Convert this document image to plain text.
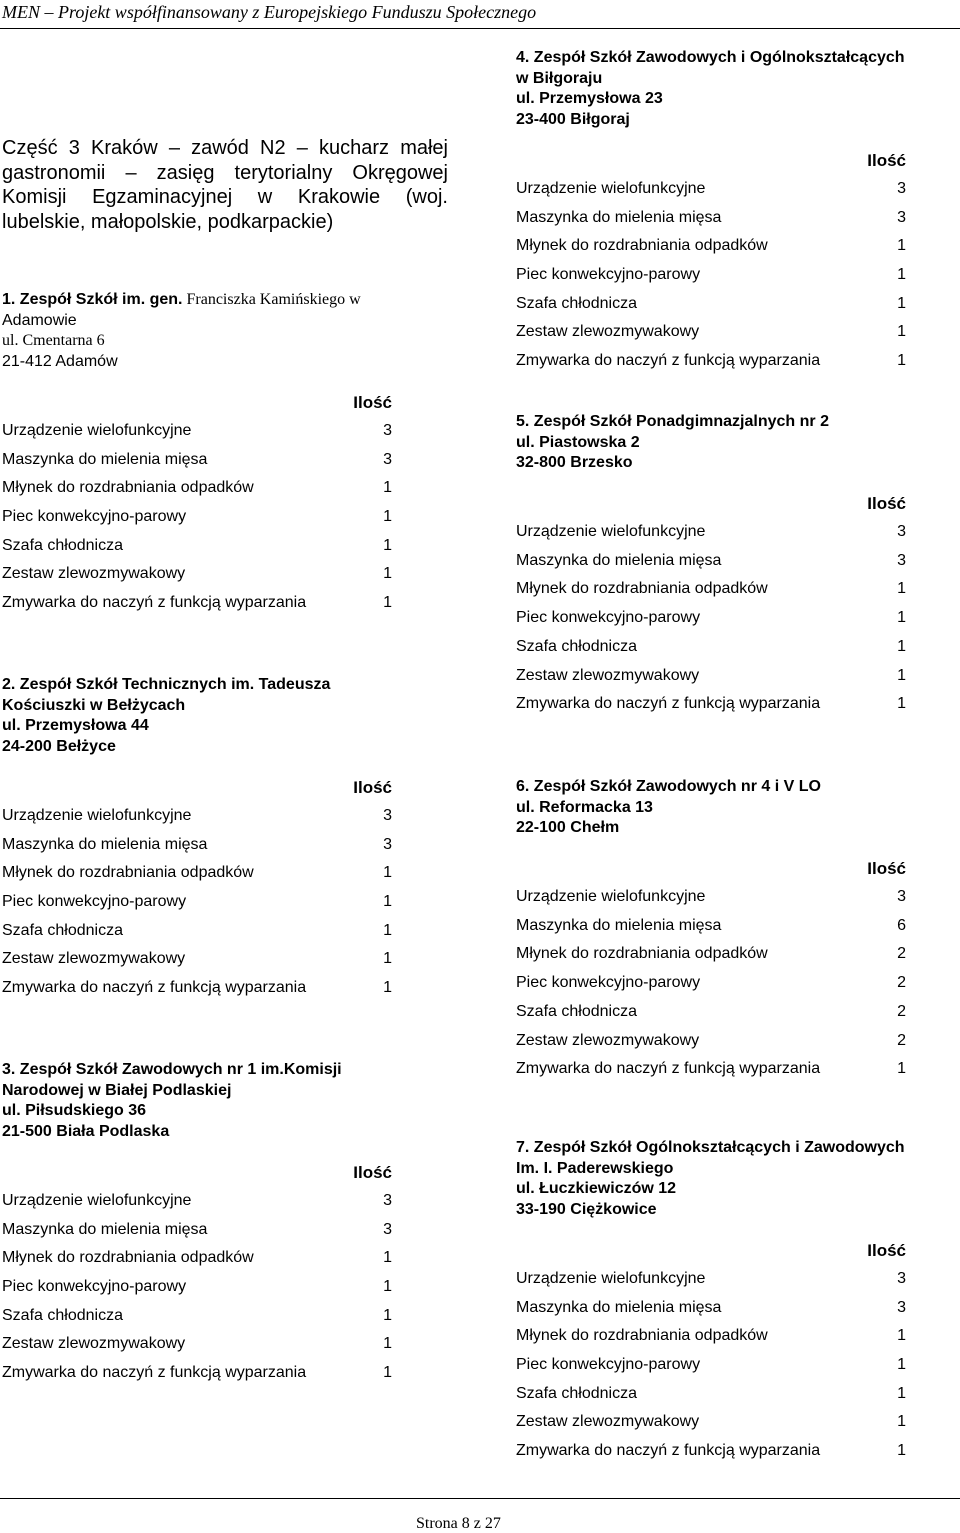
MEN – Projekt współfinansowany z Europejskiego Funduszu Społecznego
Część 3 Kraków – zawód N2 – kucharz małej
gastronomii – zasięg terytorialny Okręgowej
Komisji Egzaminacyjnej w Krakowie (woj.
lubelskie, małopolskie, podkarpackie)
1. Zespół Szkół im. gen. Franciszka Kamińskiego w
Adamowie
ul. Cmentarna 6
21-412 Adamów
Ilość
Urządzenie wielofunkcyjne	3
Maszynka do mielenia mięsa	3
Młynek do rozdrabniania odpadków	1
Piec konwekcyjno-parowy	1
Szafa chłodnicza	1
Zestaw zlewozmywakowy	1
Zmywarka do naczyń z funkcją wyparzania	1
2. Zespół Szkół Technicznych im. Tadeusza
Kościuszki w Bełżycach
ul. Przemysłowa 44
24-200 Bełżyce
Ilość
Urządzenie wielofunkcyjne	3
Maszynka do mielenia mięsa	3
Młynek do rozdrabniania odpadków	1
Piec konwekcyjno-parowy	1
Szafa chłodnicza	1
Zestaw zlewozmywakowy	1
Zmywarka do naczyń z funkcją wyparzania	1
3. Zespół Szkół Zawodowych nr 1 im.Komisji
Narodowej w Białej Podlaskiej
ul. Piłsudskiego 36
21-500 Biała Podlaska
Ilość
Urządzenie wielofunkcyjne	3
Maszynka do mielenia mięsa	3
Młynek do rozdrabniania odpadków	1
Piec konwekcyjno-parowy	1
Szafa chłodnicza	1
Zestaw zlewozmywakowy	1
Zmywarka do naczyń z funkcją wyparzania	1
4. Zespół Szkół Zawodowych i Ogólnokształcących
w Biłgoraju
ul. Przemysłowa 23
23-400 Biłgoraj
Ilość
Urządzenie wielofunkcyjne	3
Maszynka do mielenia mięsa	3
Młynek do rozdrabniania odpadków	1
Piec konwekcyjno-parowy	1
Szafa chłodnicza	1
Zestaw zlewozmywakowy	1
Zmywarka do naczyń z funkcją wyparzania	1
5. Zespół Szkół Ponadgimnazjalnych nr 2
ul. Piastowska 2
32-800 Brzesko
Ilość
Urządzenie wielofunkcyjne	3
Maszynka do mielenia mięsa	3
Młynek do rozdrabniania odpadków	1
Piec konwekcyjno-parowy	1
Szafa chłodnicza	1
Zestaw zlewozmywakowy	1
Zmywarka do naczyń z funkcją wyparzania	1
6. Zespół Szkół Zawodowych nr 4 i V LO
ul. Reformacka 13
22-100 Chełm
Ilość
Urządzenie wielofunkcyjne	3
Maszynka do mielenia mięsa	6
Młynek do rozdrabniania odpadków	2
Piec konwekcyjno-parowy	2
Szafa chłodnicza	2
Zestaw zlewozmywakowy	2
Zmywarka do naczyń z funkcją wyparzania	1
7. Zespół Szkół Ogólnokształcących i Zawodowych
Im. I. Paderewskiego
ul. Łuczkiewiczów 12
33-190 Ciężkowice
Ilość
Urządzenie wielofunkcyjne	3
Maszynka do mielenia mięsa	3
Młynek do rozdrabniania odpadków	1
Piec konwekcyjno-parowy	1
Szafa chłodnicza	1
Zestaw zlewozmywakowy	1
Zmywarka do naczyń z funkcją wyparzania	1
Strona 8 z 27
